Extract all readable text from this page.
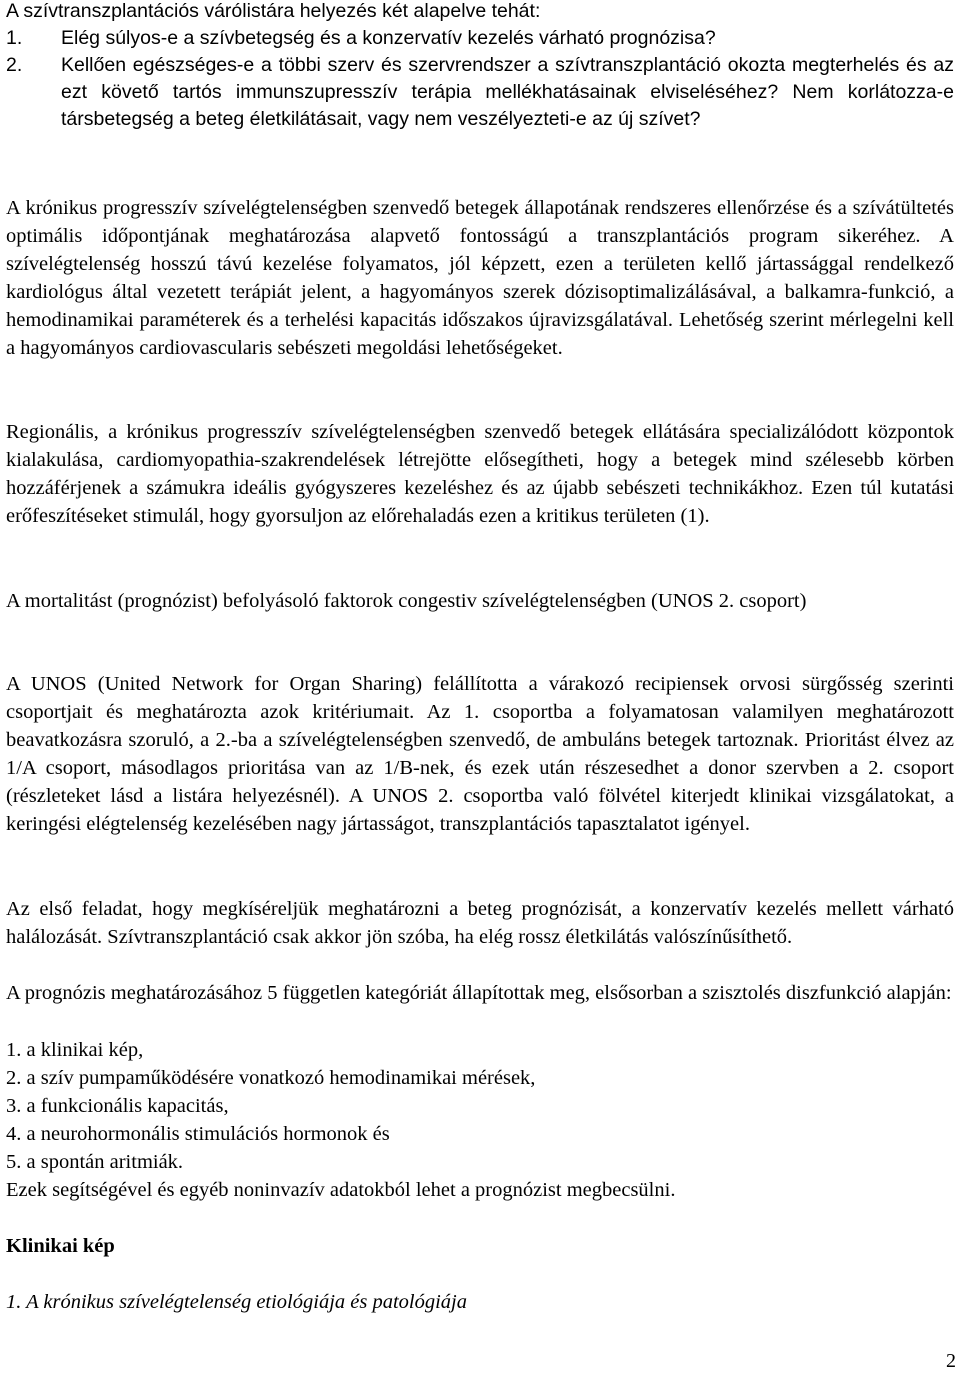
A szívtranszplantációs várólistára helyezés két alapelve tehát:

1. Elég súlyos-e a szívbetegség és a konzervatív kezelés várható prognózisa?
2. Kellően egészséges-e a többi szerv és szervrendszer a szívtranszplantáció okozta megterhelés és az ezt követő tartós immunszupresszív terápia mellékhatásainak elviseléséhez? Nem korlátozza-e társbetegség a beteg életkilátásait, vagy nem veszélyezteti-e az új szívet?
A krónikus progresszív szívelégtelenségben szenvedő betegek állapotának rendszeres ellenőrzése és a szívátültetés optimális időpontjának meghatározása alapvető fontosságú a transzplantációs program sikeréhez. A szívelégtelenség hosszú távú kezelése folyamatos, jól képzett, ezen a területen kellő jártassággal rendelkező kardiológus által vezetett terápiát jelent, a hagyományos szerek dózisoptimalizálásával, a balkamra-funkció, a hemodinamikai paraméterek és a terhelési kapacitás időszakos újravizsgálatával. Lehetőség szerint mérlegelni kell a hagyományos cardiovascularis sebészeti megoldási lehetőségeket.
Regionális, a krónikus progresszív szívelégtelenségben szenvedő betegek ellátására specializálódott központok kialakulása, cardiomyopathia-szakrendelések létrejötte elősegítheti, hogy a betegek mind szélesebb körben hozzáférjenek a számukra ideális gyógyszeres kezeléshez és az újabb sebészeti technikákhoz. Ezen túl kutatási erőfeszítéseket stimulál, hogy gyorsuljon az előrehaladás ezen a kritikus területen (1).
A mortalitást (prognózist) befolyásoló faktorok congestiv szívelégtelenségben (UNOS 2. csoport)
A UNOS (United Network for Organ Sharing) felállította a várakozó recipiensek orvosi sürgősség szerinti csoportjait és meghatározta azok kritériumait. Az 1. csoportba a folyamatosan valamilyen meghatározott beavatkozásra szoruló, a 2.-ba a szívelégtelenségben szenvedő, de ambuláns betegek tartoznak. Prioritást élvez az 1/A csoport, másodlagos prioritása van az 1/B-nek, és ezek után részesedhet a donor szervben a 2. csoport (részleteket lásd a listára helyezésnél). A UNOS 2. csoportba való fölvétel kiterjedt klinikai vizsgálatokat, a keringési elégtelenség kezelésében nagy jártasságot, transzplantációs tapasztalatot igényel.
Az első feladat, hogy megkíséreljük meghatározni a beteg prognózisát, a konzervatív kezelés mellett várható halálozását. Szívtranszplantáció csak akkor jön szóba, ha elég rossz életkilátás valószínűsíthető.
A prognózis meghatározásához 5 független kategóriát állapítottak meg, elsősorban a szisztolés diszfunkció alapján:
1. a klinikai kép,
2. a szív pumpaműködésére vonatkozó hemodinamikai mérések,
3. a funkcionális kapacitás,
4. a neurohormonális stimulációs hormonok és
5. a spontán aritmiák.
Ezek segítségével és egyéb noninvazív adatokból lehet a prognózist megbecsülni.
Klinikai kép
1. A krónikus szívelégtelenség etiológiája és patológiája
2
